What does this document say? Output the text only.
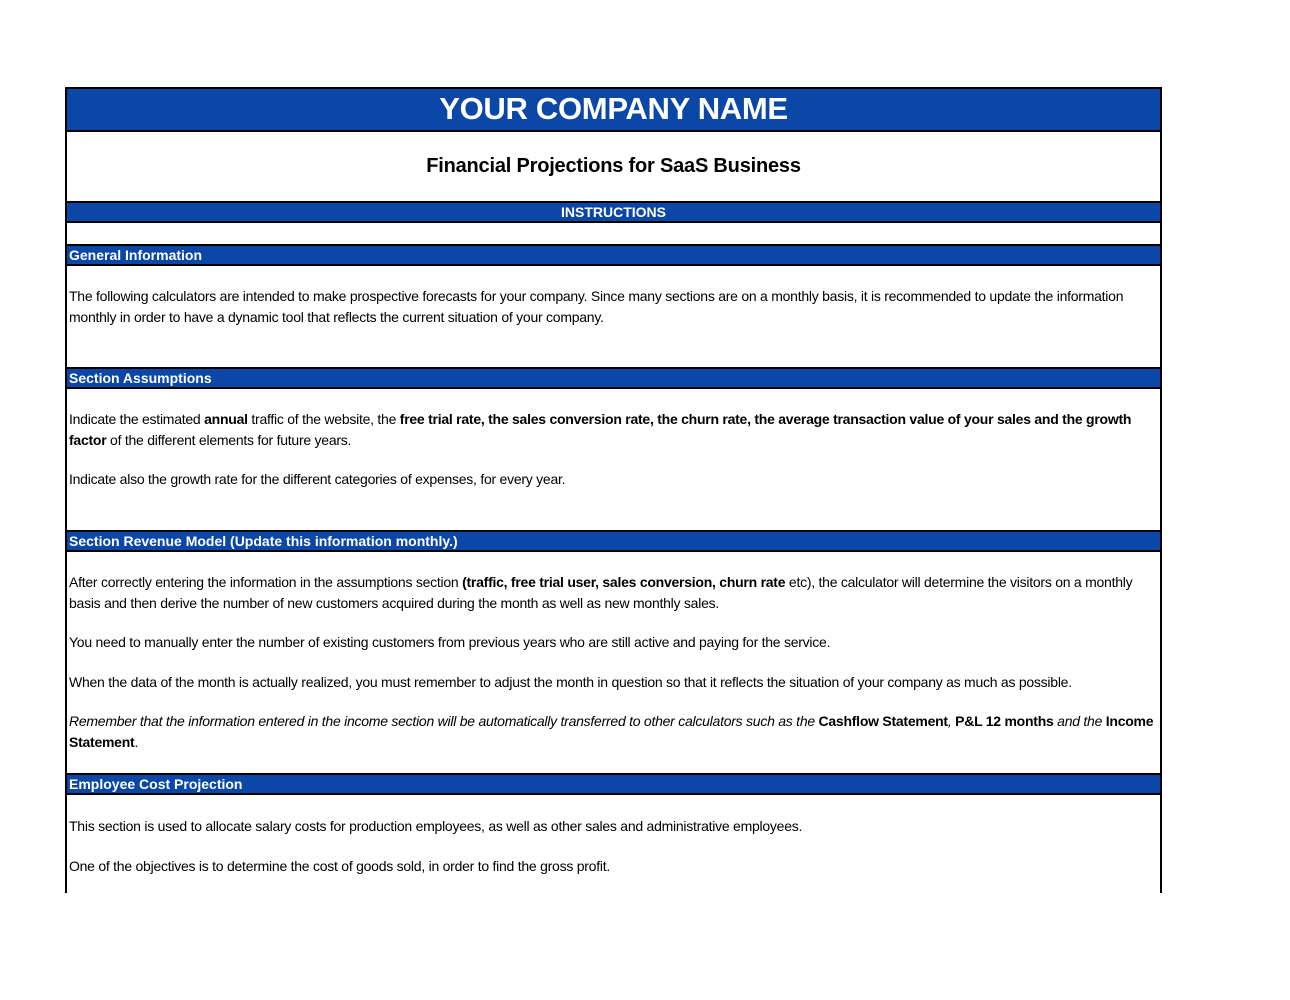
YOUR COMPANY NAME
Financial Projections for SaaS Business
INSTRUCTIONS
General Information
The following calculators are intended to make prospective forecasts for your company. Since many sections are on a monthly basis, it is recommended to update the information monthly in order to have a dynamic tool that reflects the current situation of your company.
Section Assumptions
Indicate the estimated annual traffic of the website, the free trial rate, the sales conversion rate, the churn rate, the average transaction value of your sales and the growth factor of the different elements for future years.
Indicate also the growth rate for the different categories of expenses, for every year.
Section Revenue Model (Update this information monthly.)
After correctly entering the information in the assumptions section (traffic, free trial user, sales conversion, churn rate etc), the calculator will determine the visitors on a monthly basis and then derive the number of new customers acquired during the month as well as new monthly sales.
You need to manually enter the number of existing customers from previous years who are still active and paying for the service.
When the data of the month is actually realized, you must remember to adjust the month in question so that it reflects the situation of your company as much as possible.
Remember that the information entered in the income section will be automatically transferred to other calculators such as the Cashflow Statement, P&L 12 months and the Income Statement.
Employee Cost Projection
This section is used to allocate salary costs for production employees, as well as other sales and administrative employees.
One of the objectives is to determine the cost of goods sold, in order to find the gross profit.
